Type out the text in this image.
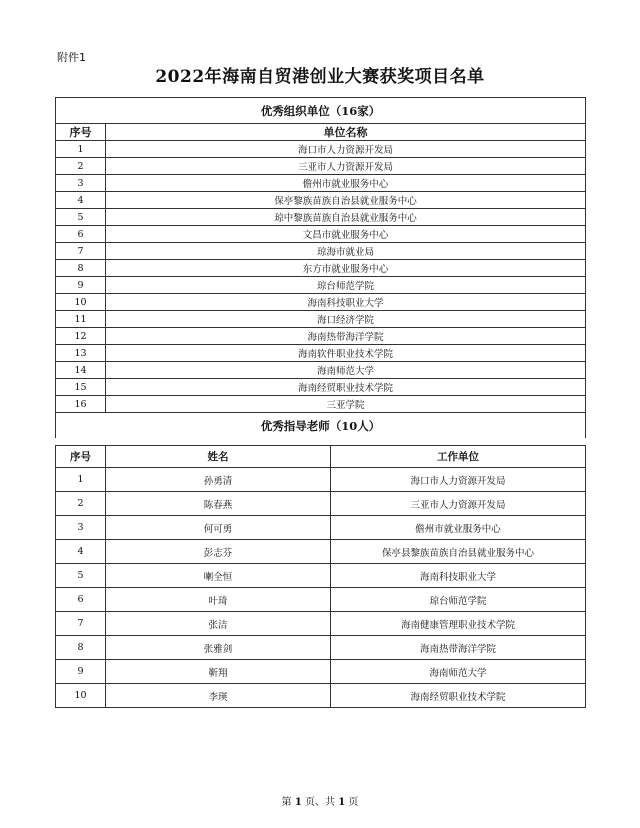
附件1
2022年海南自贸港创业大赛获奖项目名单
优秀组织单位（16家）	
序号	单位名称
1	海口市人力资源开发局
2	三亚市人力资源开发局
3	儋州市就业服务中心
4	保亭黎族苗族自治县就业服务中心
5	琼中黎族苗族自治县就业服务中心
6	文昌市就业服务中心
7	琼海市就业局
8	东方市就业服务中心
9	琼台师范学院
10	海南科技职业大学
11	海口经济学院
12	海南热带海洋学院
13	海南软件职业技术学院
14	海南师范大学
15	海南经贸职业技术学院
16	三亚学院
优秀指导老师（10人）	
序号	姓名	工作单位
1	孙勇清	海口市人力资源开发局
2	陈春燕	三亚市人力资源开发局
3	何可勇	儋州市就业服务中心
4	彭志芬	保亭县黎族苗族自治县就业服务中心
5	喇全恒	海南科技职业大学
6	叶琦	琼台师范学院
7	张洁	海南健康管理职业技术学院
8	张雅剑	海南热带海洋学院
9	靳翔	海南师范大学
10	李瑛	海南经贸职业技术学院
第 1 页、共 1 页
